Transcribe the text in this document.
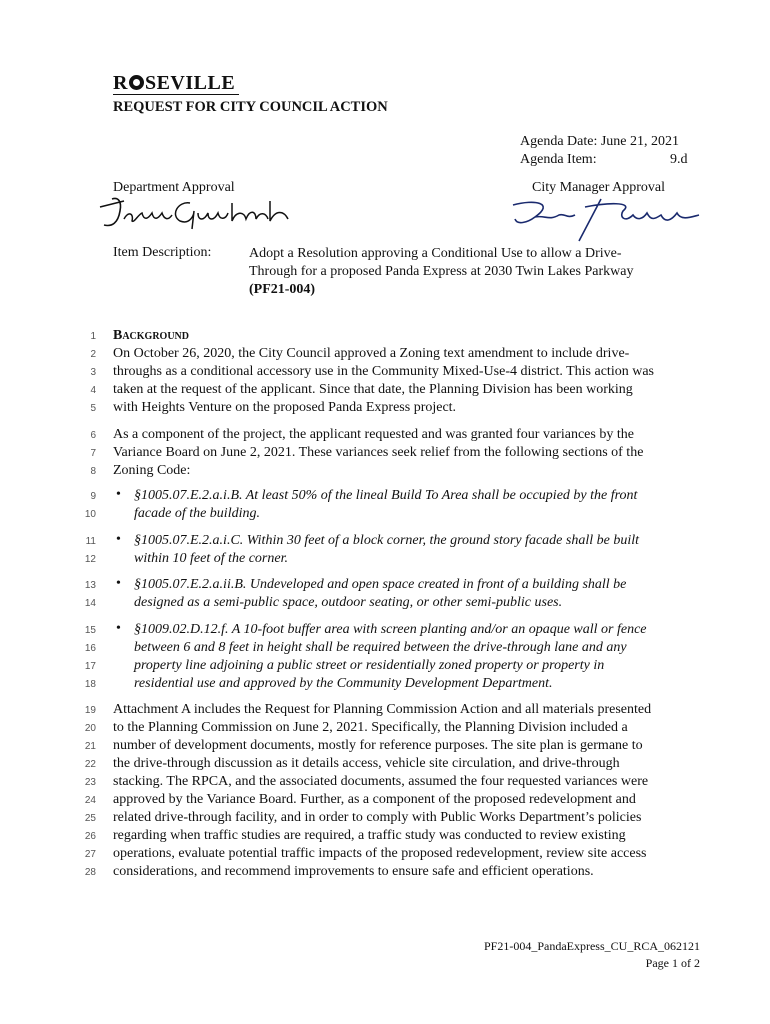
R SEVILLE
REQUEST FOR CITY COUNCIL ACTION
Agenda Date: June 21, 2021
Agenda Item:	9.d
Department Approval	City Manager Approval
Item Description:	Adopt a Resolution approving a Conditional Use to allow a Drive-
Through for a proposed Panda Express at 2030 Twin Lakes Parkway
(PF21-004)
1
2
3
4
5
6
7
8
9
10
11
12
13
14
15
16
17
18
19
20
21
22
23
24
25
26
27
28
Background
On October 26, 2020, the City Council approved a Zoning text amendment to include drive-
throughs as a conditional accessory use in the Community Mixed-Use-4 district. This action was
taken at the request of the applicant. Since that date, the Planning Division has been working
with Heights Venture on the proposed Panda Express project.
As a component of the project, the applicant requested and was granted four variances by the
Variance Board on June 2, 2021. These variances seek relief from the following sections of the
Zoning Code:
• §1005.07.E.2.a.i.B. At least 50% of the lineal Build To Area shall be occupied by the front
facade of the building.
• §1005.07.E.2.a.i.C. Within 30 feet of a block corner, the ground story facade shall be built
within 10 feet of the corner.
• §1005.07.E.2.a.ii.B. Undeveloped and open space created in front of a building shall be
designed as a semi-public space, outdoor seating, or other semi-public uses.
• §1009.02.D.12.f. A 10-foot buffer area with screen planting and/or an opaque wall or fence
between 6 and 8 feet in height shall be required between the drive-through lane and any
property line adjoining a public street or residentially zoned property or property in
residential use and approved by the Community Development Department.
Attachment A includes the Request for Planning Commission Action and all materials presented
to the Planning Commission on June 2, 2021. Specifically, the Planning Division included a
number of development documents, mostly for reference purposes. The site plan is germane to
the drive-through discussion as it details access, vehicle site circulation, and drive-through
stacking. The RPCA, and the associated documents, assumed the four requested variances were
approved by the Variance Board. Further, as a component of the proposed redevelopment and
related drive-through facility, and in order to comply with Public Works Department’s policies
regarding when traffic studies are required, a traffic study was conducted to review existing
operations, evaluate potential traffic impacts of the proposed redevelopment, review site access
considerations, and recommend improvements to ensure safe and efficient operations.
PF21-004_PandaExpress_CU_RCA_062121
Page 1 of 2
